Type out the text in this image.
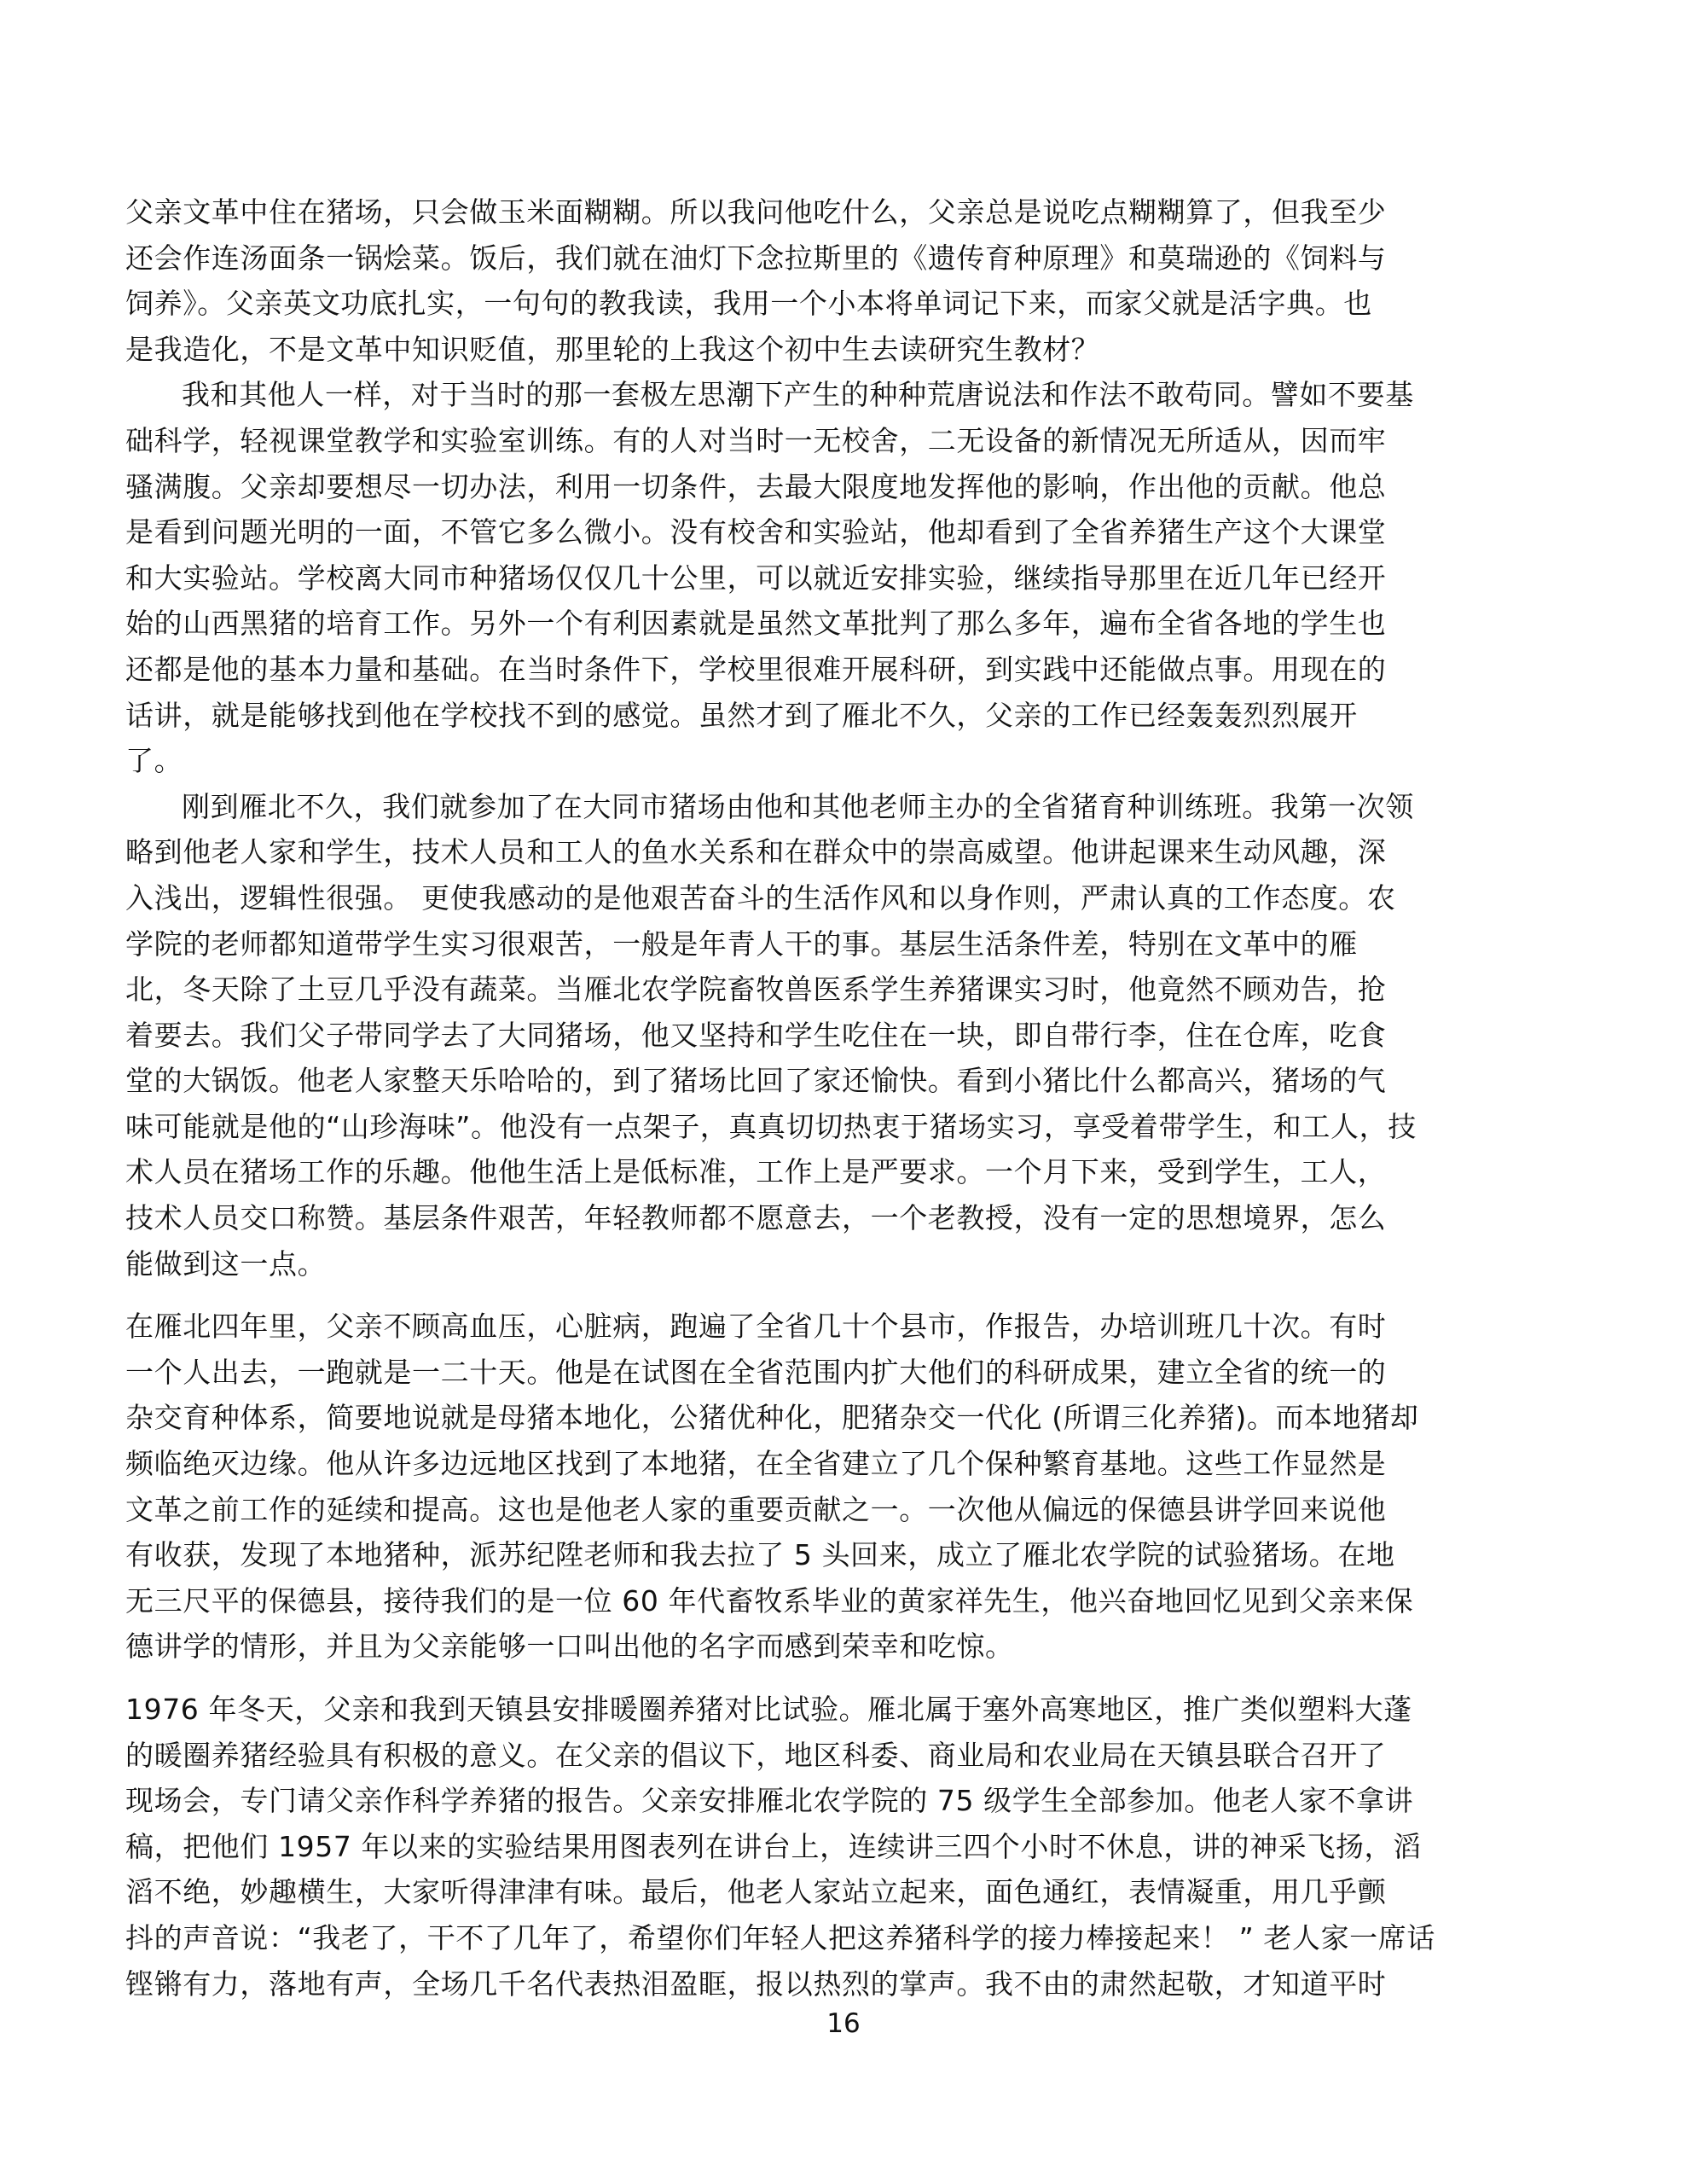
父亲文革中住在猪场，只会做玉米面糊糊。所以我问他吃什么，父亲总是说吃点糊糊算了，但我至少
还会作连汤面条一锅烩菜。饭后，我们就在油灯下念拉斯里的《遗传育种原理》和莫瑞逊的《饲料与
饲养》。父亲英文功底扎实，一句句的教我读，我用一个小本将单词记下来，而家父就是活字典。也
是我造化，不是文革中知识贬值，那里轮的上我这个初中生去读研究生教材？
我和其他人一样，对于当时的那一套极左思潮下产生的种种荒唐说法和作法不敢苟同。譬如不要基
础科学，轻视课堂教学和实验室训练。有的人对当时一无校舍，二无设备的新情况无所适从，因而牢
骚满腹。父亲却要想尽一切办法，利用一切条件，去最大限度地发挥他的影响，作出他的贡献。他总
是看到问题光明的一面，不管它多么微小。没有校舍和实验站，他却看到了全省养猪生产这个大课堂
和大实验站。学校离大同市种猪场仅仅几十公里，可以就近安排实验，继续指导那里在近几年已经开
始的山西黑猪的培育工作。另外一个有利因素就是虽然文革批判了那么多年，遍布全省各地的学生也
还都是他的基本力量和基础。在当时条件下，学校里很难开展科研，到实践中还能做点事。用现在的
话讲，就是能够找到他在学校找不到的感觉。虽然才到了雁北不久，父亲的工作已经轰轰烈烈展开
了。
刚到雁北不久，我们就参加了在大同市猪场由他和其他老师主办的全省猪育种训练班。我第一次领
略到他老人家和学生，技术人员和工人的鱼水关系和在群众中的崇高威望。他讲起课来生动风趣，深
入浅出，逻辑性很强。 更使我感动的是他艰苦奋斗的生活作风和以身作则，严肃认真的工作态度。农
学院的老师都知道带学生实习很艰苦，一般是年青人干的事。基层生活条件差，特别在文革中的雁
北，冬天除了土豆几乎没有蔬菜。当雁北农学院畜牧兽医系学生养猪课实习时，他竟然不顾劝告，抢
着要去。我们父子带同学去了大同猪场，他又坚持和学生吃住在一块，即自带行李，住在仓库，吃食
堂的大锅饭。他老人家整天乐哈哈的，到了猪场比回了家还愉快。看到小猪比什么都高兴，猪场的气
味可能就是他的“山珍海味”。他没有一点架子，真真切切热衷于猪场实习，享受着带学生，和工人，技
术人员在猪场工作的乐趣。他他生活上是低标准，工作上是严要求。一个月下来，受到学生，工人，
技术人员交口称赞。基层条件艰苦，年轻教师都不愿意去，一个老教授，没有一定的思想境界，怎么
能做到这一点。
在雁北四年里，父亲不顾高血压，心脏病，跑遍了全省几十个县市，作报告，办培训班几十次。有时
一个人出去，一跑就是一二十天。他是在试图在全省范围内扩大他们的科研成果，建立全省的统一的
杂交育种体系，简要地说就是母猪本地化，公猪优种化，肥猪杂交一代化 (所谓三化养猪)。而本地猪却
频临绝灭边缘。他从许多边远地区找到了本地猪，在全省建立了几个保种繁育基地。这些工作显然是
文革之前工作的延续和提高。这也是他老人家的重要贡献之一。一次他从偏远的保德县讲学回来说他
有收获，发现了本地猪种，派苏纪陞老师和我去拉了 5 头回来，成立了雁北农学院的试验猪场。在地
无三尺平的保德县，接待我们的是一位 60 年代畜牧系毕业的黄家祥先生，他兴奋地回忆见到父亲来保
德讲学的情形，并且为父亲能够一口叫出他的名字而感到荣幸和吃惊。
1976 年冬天，父亲和我到天镇县安排暖圈养猪对比试验。雁北属于塞外高寒地区，推广类似塑料大蓬
的暖圈养猪经验具有积极的意义。在父亲的倡议下，地区科委、商业局和农业局在天镇县联合召开了
现场会，专门请父亲作科学养猪的报告。父亲安排雁北农学院的 75 级学生全部参加。他老人家不拿讲
稿，把他们 1957 年以来的实验结果用图表列在讲台上，连续讲三四个小时不休息，讲的神采飞扬，滔
滔不绝，妙趣横生，大家听得津津有味。最后，他老人家站立起来，面色通红，表情凝重，用几乎颤
抖的声音说：“我老了，干不了几年了，希望你们年轻人把这养猪科学的接力棒接起来！ ” 老人家一席话
铿锵有力，落地有声，全场几千名代表热泪盈眶，报以热烈的掌声。我不由的肃然起敬，才知道平时
16
